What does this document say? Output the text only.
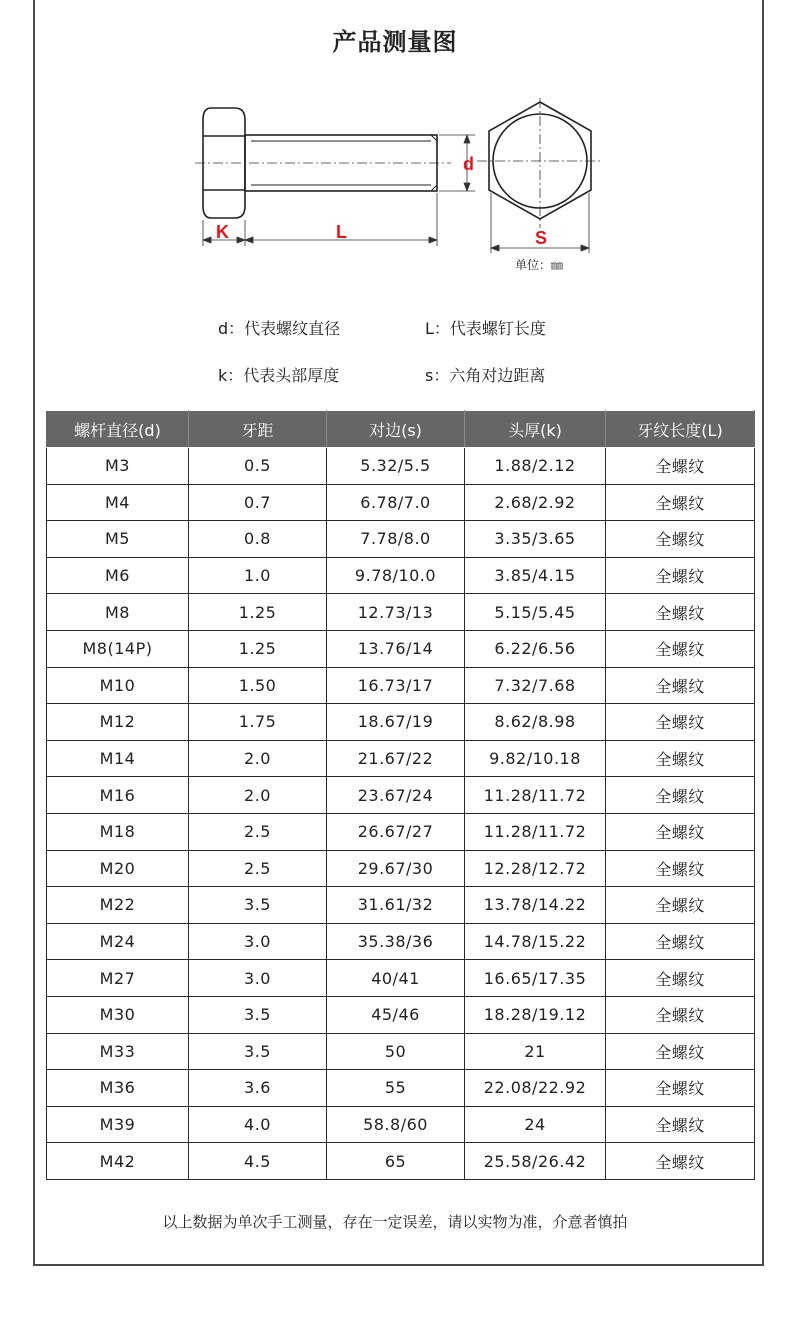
产品测量图
d
K	L	S
单位：㎜
d：代表螺纹直径	L：代表螺钉长度
k：代表头部厚度	s：六角对边距离
螺杆直径(d)	牙距	对边(s)	头厚(k)	牙纹长度(L)
M3	0.5	5.32/5.5	1.88/2.12	全螺纹
M4	0.7	6.78/7.0	2.68/2.92	全螺纹
M5	0.8	7.78/8.0	3.35/3.65	全螺纹
M6	1.0	9.78/10.0	3.85/4.15	全螺纹
M8	1.25	12.73/13	5.15/5.45	全螺纹
M8(14P)	1.25	13.76/14	6.22/6.56	全螺纹
M10	1.50	16.73/17	7.32/7.68	全螺纹
M12	1.75	18.67/19	8.62/8.98	全螺纹
M14	2.0	21.67/22	9.82/10.18	全螺纹
M16	2.0	23.67/24	11.28/11.72	全螺纹
M18	2.5	26.67/27	11.28/11.72	全螺纹
M20	2.5	29.67/30	12.28/12.72	全螺纹
M22	3.5	31.61/32	13.78/14.22	全螺纹
M24	3.0	35.38/36	14.78/15.22	全螺纹
M27	3.0	40/41	16.65/17.35	全螺纹
M30	3.5	45/46	18.28/19.12	全螺纹
M33	3.5	50	21	全螺纹
M36	3.6	55	22.08/22.92	全螺纹
M39	4.0	58.8/60	24	全螺纹
M42	4.5	65	25.58/26.42	全螺纹
以上数据为单次手工测量，存在一定误差，请以实物为准，介意者慎拍
